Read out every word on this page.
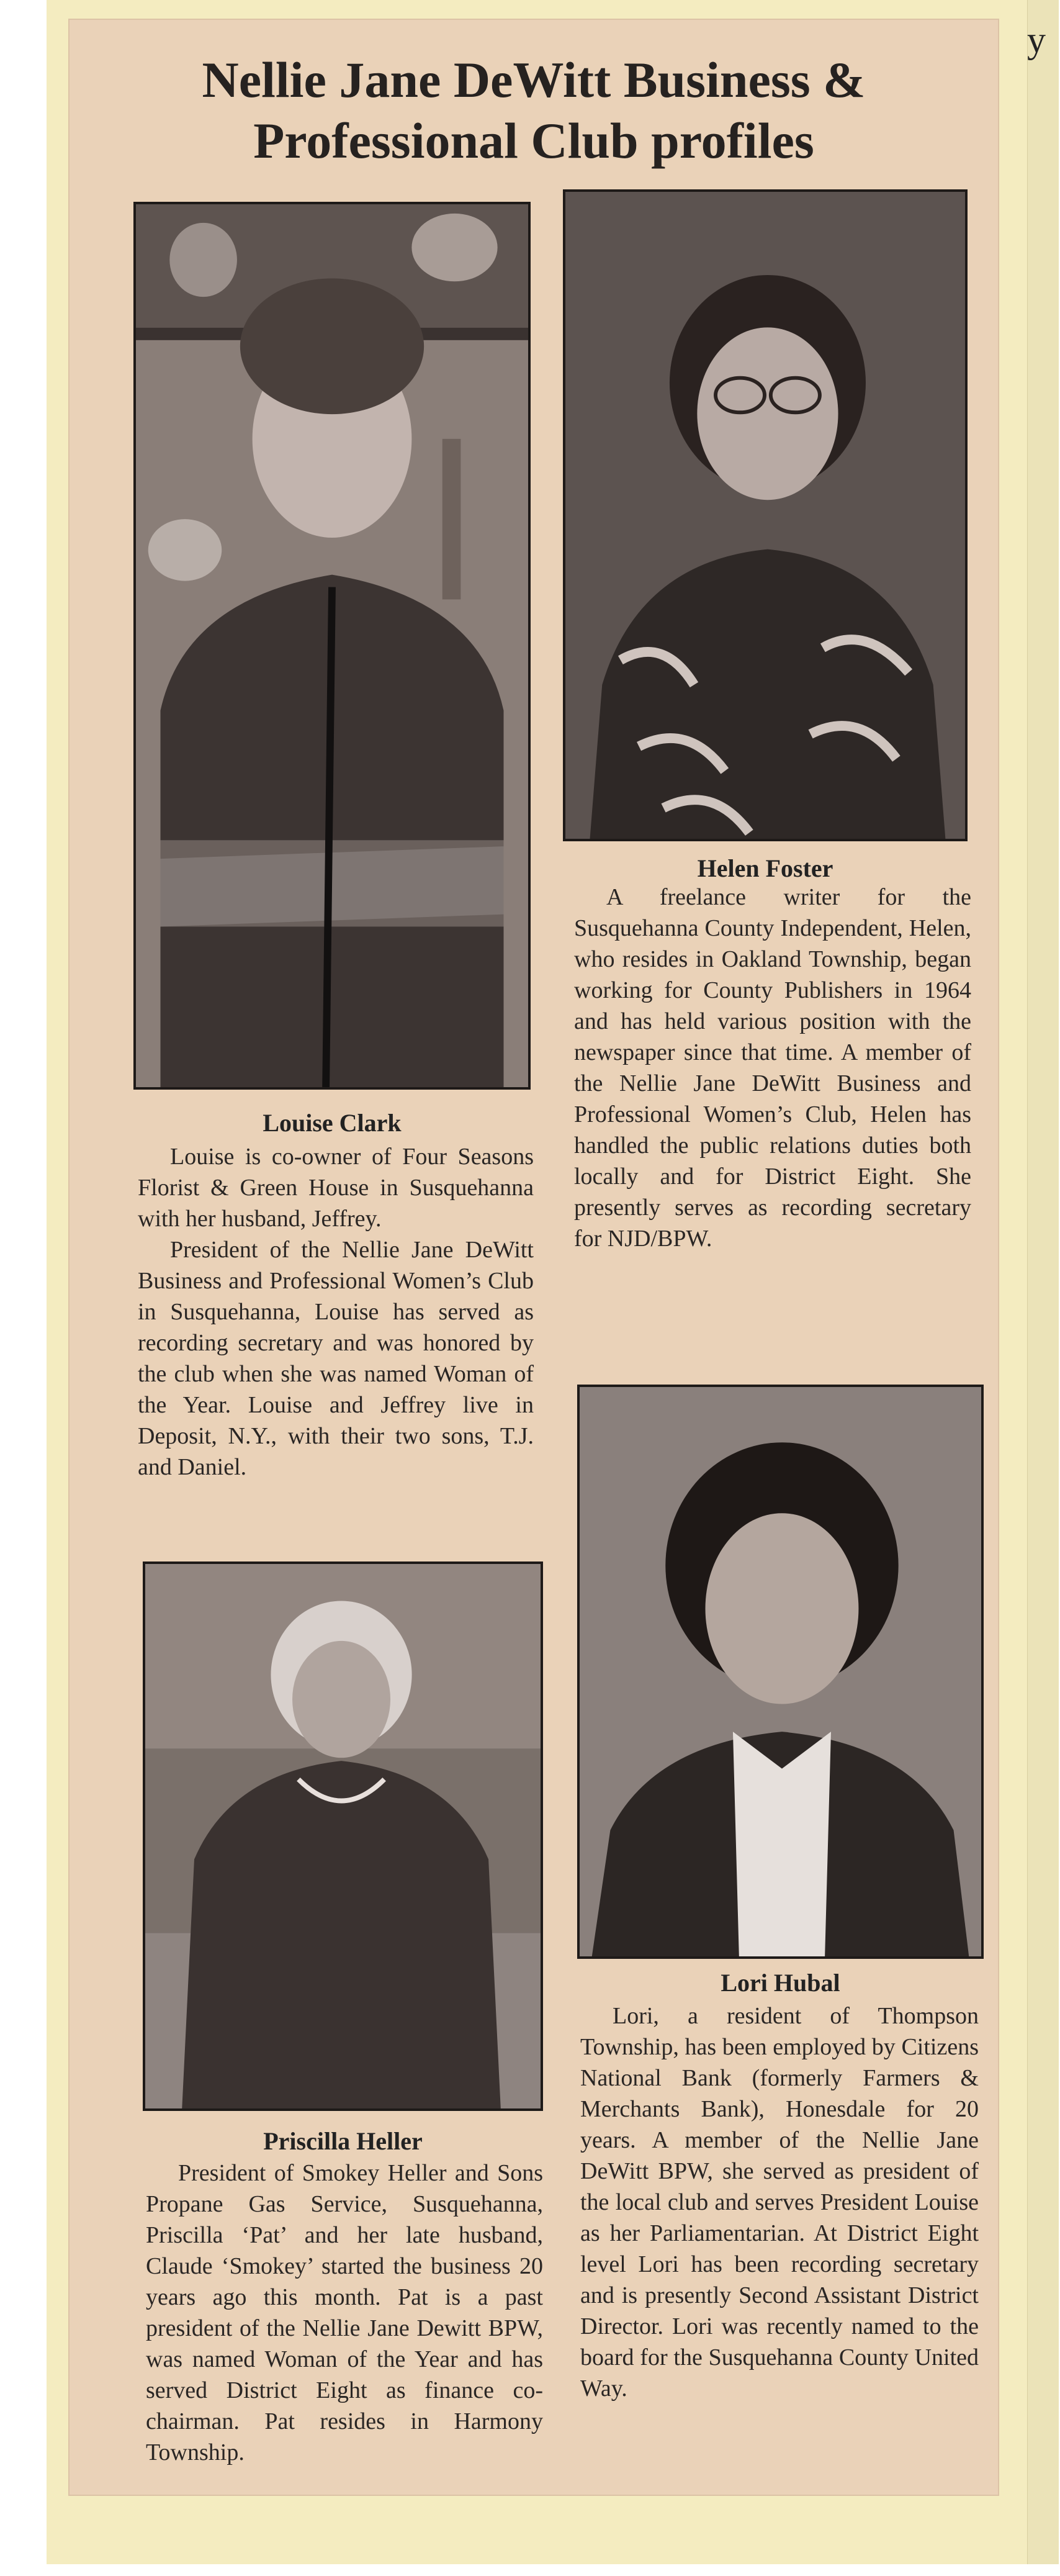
y
Nellie Jane DeWitt Business & Professional Club profiles
Louise Clark
Helen Foster
Priscilla Heller
Lori Hubal

Louise is co-owner of Four Seasons Florist & Green House in Susquehanna with her husband, Jeffrey.

President of the Nellie Jane DeWitt Business and Professional Women’s Club in Susquehanna, Louise has served as recording secretary and was honored by the club when she was named Woman of the Year. Louise and Jeffrey live in Deposit, N.Y., with their two sons, T.J. and Daniel.

A freelance writer for the Susquehanna County Independent, Helen, who resides in Oakland Township, began working for County Publishers in 1964 and has held various position with the newspaper since that time. A member of the Nellie Jane DeWitt Business and Professional Women’s Club, Helen has handled the public relations duties both locally and for District Eight. She presently serves as recording secretary for NJD/BPW.

President of Smokey Heller and Sons Propane Gas Service, Susquehanna, Priscilla ‘Pat’ and her late husband, Claude ‘Smokey’ started the business 20 years ago this month. Pat is a past president of the Nellie Jane Dewitt BPW, was named Woman of the Year and has served District Eight as finance co-chairman. Pat resides in Harmony Township.

Lori, a resident of Thompson Township, has been employed by Citizens National Bank (formerly Farmers & Merchants Bank), Honesdale for 20 years. A member of the Nellie Jane DeWitt BPW, she served as president of the local club and serves President Louise as her Parliamentarian. At District Eight level Lori has been recording secretary and is presently Second Assistant District Director. Lori was recently named to the board for the Susquehanna County United Way.
